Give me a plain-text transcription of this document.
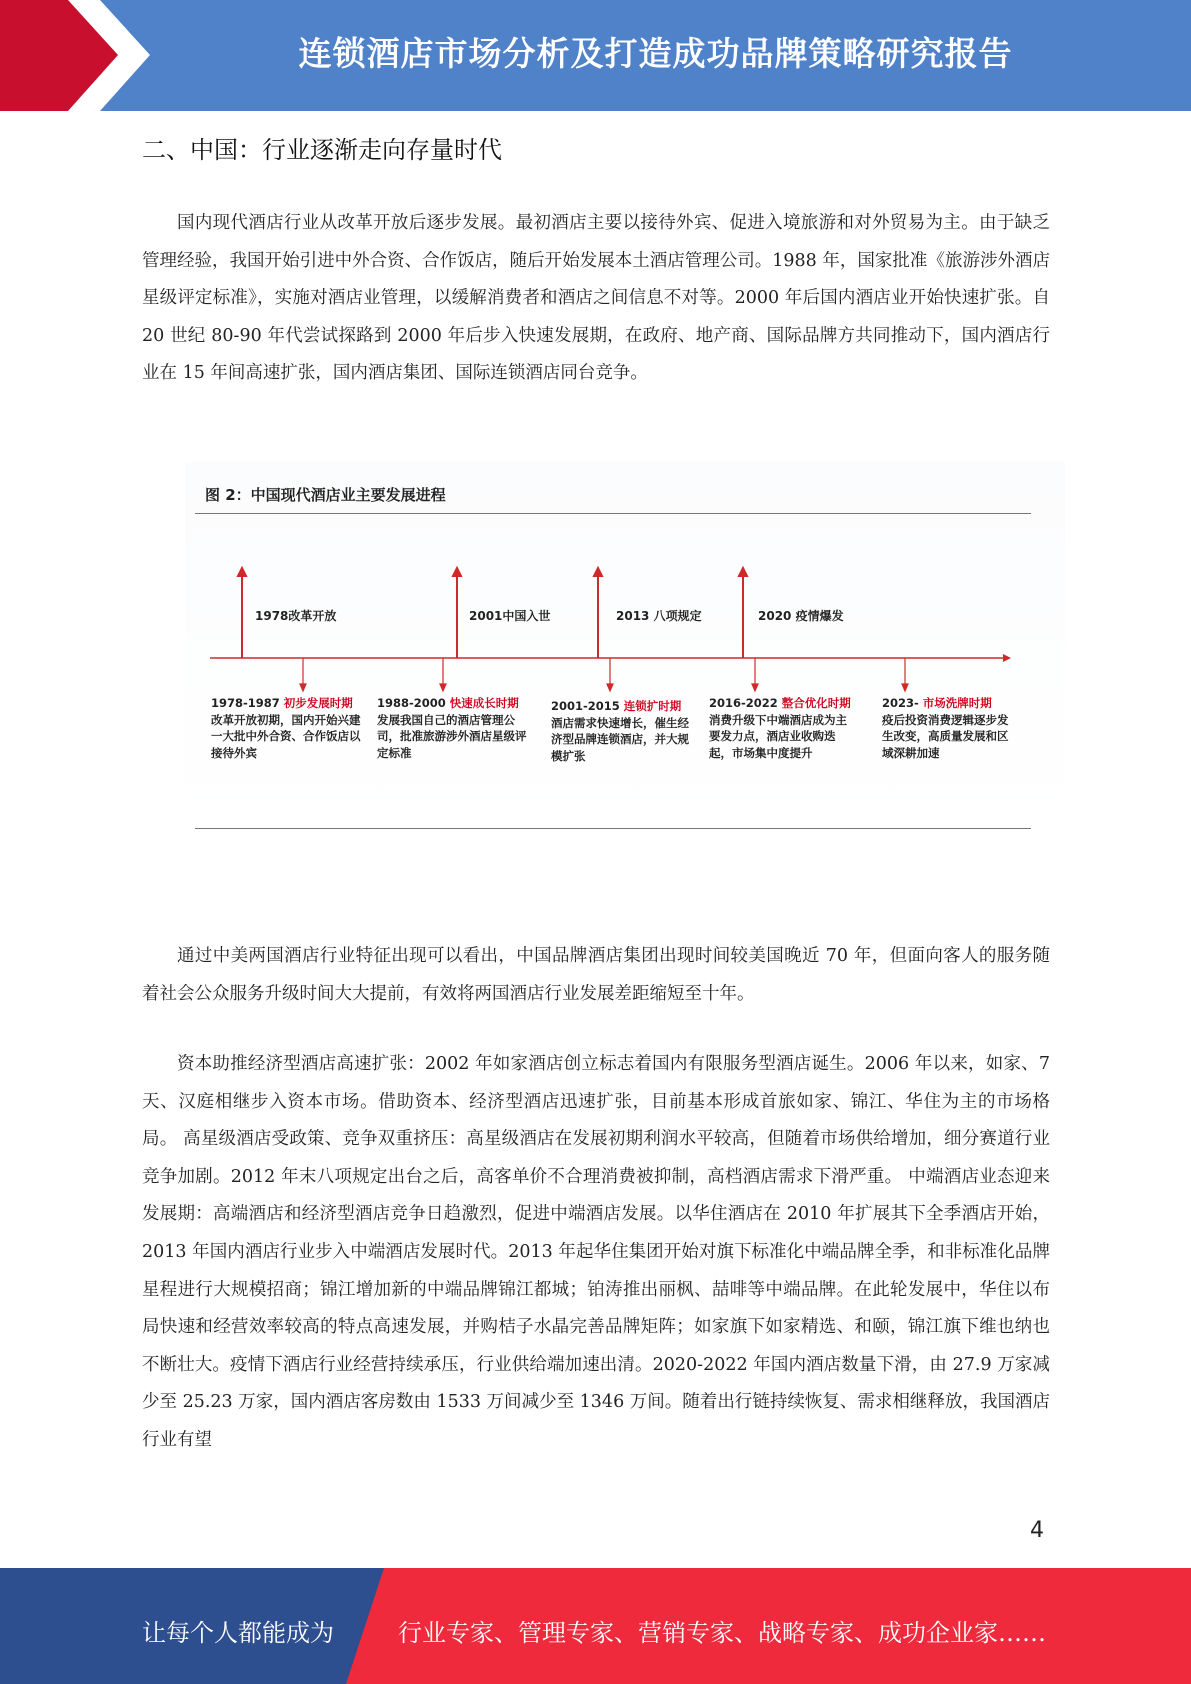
连锁酒店市场分析及打造成功品牌策略研究报告
二、中国：行业逐渐走向存量时代

国内现代酒店行业从改革开放后逐步发展。最初酒店主要以接待外宾、促进入境旅游和对外贸易为主。由于缺乏管理经验，我国开始引进中外合资、合作饭店，随后开始发展本土酒店管理公司。1988 年，国家批准《旅游涉外酒店星级评定标准》，实施对酒店业管理，以缓解消费者和酒店之间信息不对等。2000 年后国内酒店业开始快速扩张。自 20 世纪 80-90 年代尝试探路到 2000 年后步入快速发展期，在政府、地产商、国际品牌方共同推动下，国内酒店行业在 15 年间高速扩张，国内酒店集团、国际连锁酒店同台竞争。

图 2：中国现代酒店业主要发展进程
1978改革开放	2001中国入世	2013 八项规定	2020 疫情爆发
1978-1987 初步发展时期
改革开放初期，国内开始兴建一大批中外合资、合作饭店以接待外宾
1988-2000 快速成长时期
发展我国自己的酒店管理公司，批准旅游涉外酒店星级评定标准
2001-2015 连锁扩时期
酒店需求快速增长，催生经济型品牌连锁酒店，并大规模扩张
2016-2022 整合优化时期
消费升级下中端酒店成为主要发力点，酒店业收购迭起，市场集中度提升
2023- 市场洗牌时期
疫后投资消费逻辑逐步发生改变，高质量发展和区域深耕加速

通过中美两国酒店行业特征出现可以看出，中国品牌酒店集团出现时间较美国晚近 70 年，但面向客人的服务随着社会公众服务升级时间大大提前，有效将两国酒店行业发展差距缩短至十年。

资本助推经济型酒店高速扩张：2002 年如家酒店创立标志着国内有限服务型酒店诞生。2006 年以来，如家、7 天、汉庭相继步入资本市场。借助资本、经济型酒店迅速扩张，目前基本形成首旅如家、锦江、华住为主的市场格局。 高星级酒店受政策、竞争双重挤压：高星级酒店在发展初期利润水平较高，但随着市场供给增加，细分赛道行业竞争加剧。2012 年末八项规定出台之后，高客单价不合理消费被抑制，高档酒店需求下滑严重。 中端酒店业态迎来发展期：高端酒店和经济型酒店竞争日趋激烈，促进中端酒店发展。以华住酒店在 2010 年扩展其下全季酒店开始，2013 年国内酒店行业步入中端酒店发展时代。2013 年起华住集团开始对旗下标准化中端品牌全季，和非标准化品牌星程进行大规模招商；锦江增加新的中端品牌锦江都城；铂涛推出丽枫、喆啡等中端品牌。在此轮发展中，华住以布局快速和经营效率较高的特点高速发展，并购桔子水晶完善品牌矩阵；如家旗下如家精选、和颐，锦江旗下维也纳也不断壮大。疫情下酒店行业经营持续承压，行业供给端加速出清。2020-2022 年国内酒店数量下滑，由 27.9 万家减少至 25.23 万家，国内酒店客房数由 1533 万间减少至 1346 万间。随着出行链持续恢复、需求相继释放，我国酒店行业有望

4
让每个人都能成为	行业专家、管理专家、营销专家、战略专家、成功企业家……
